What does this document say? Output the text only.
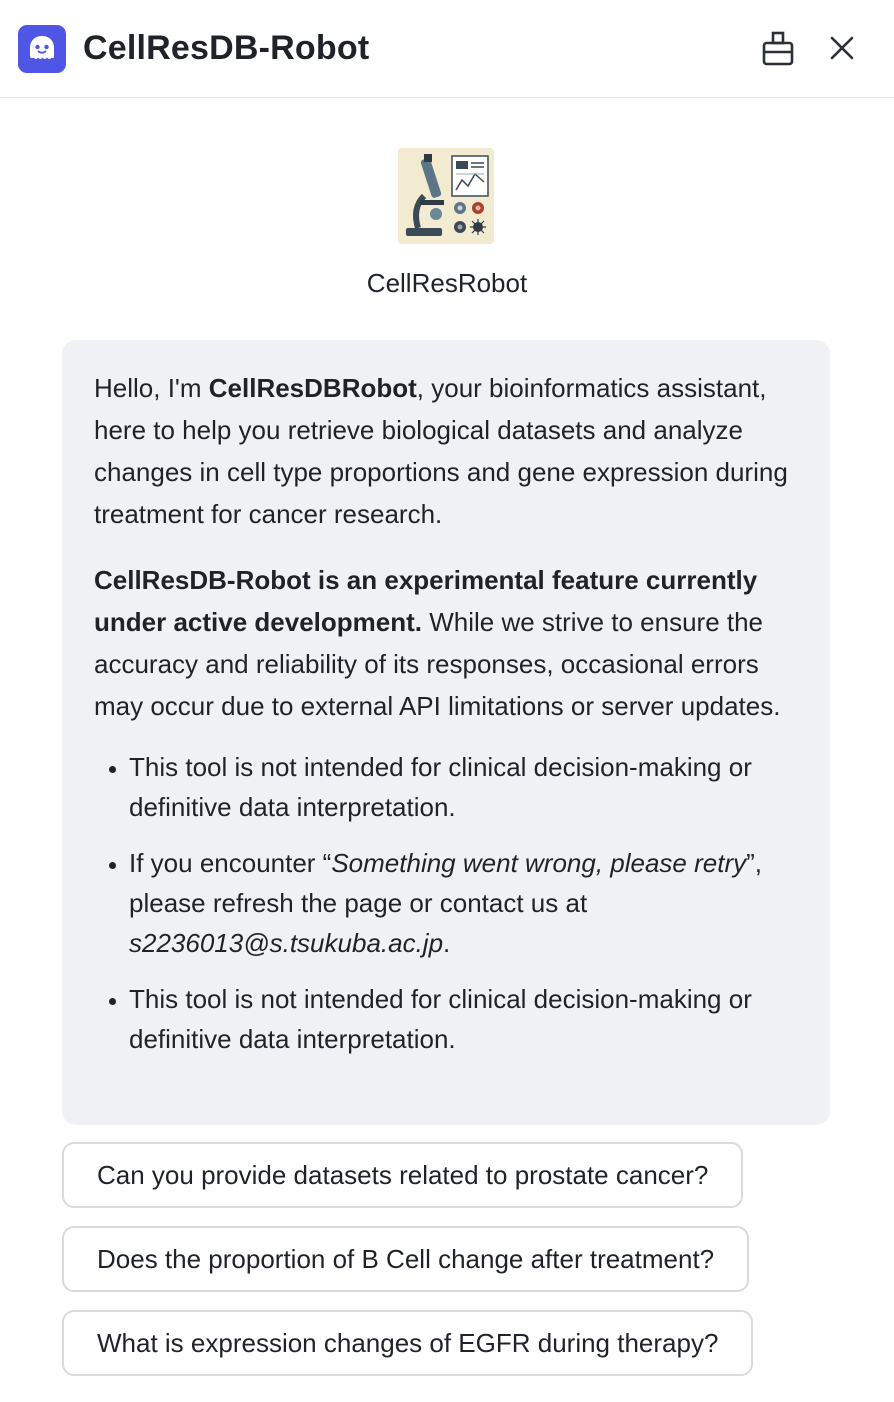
CellResDB-Robot
CellResRobot

Hello, I'm CellResDBRobot, your bioinformatics assistant, here to help you retrieve biological datasets and analyze changes in cell type proportions and gene expression during treatment for cancer research.

CellResDB-Robot is an experimental feature currently under active development. While we strive to ensure the accuracy and reliability of its responses, occasional errors may occur due to external API limitations or server updates.

• This tool is not intended for clinical decision-making or definitive data interpretation.
• If you encounter “Something went wrong, please retry”, please refresh the page or contact us at s2236013@s.tsukuba.ac.jp.
• This tool is not intended for clinical decision-making or definitive data interpretation.
Can you provide datasets related to prostate cancer?
Does the proportion of B Cell change after treatment?
What is expression changes of EGFR during therapy?
